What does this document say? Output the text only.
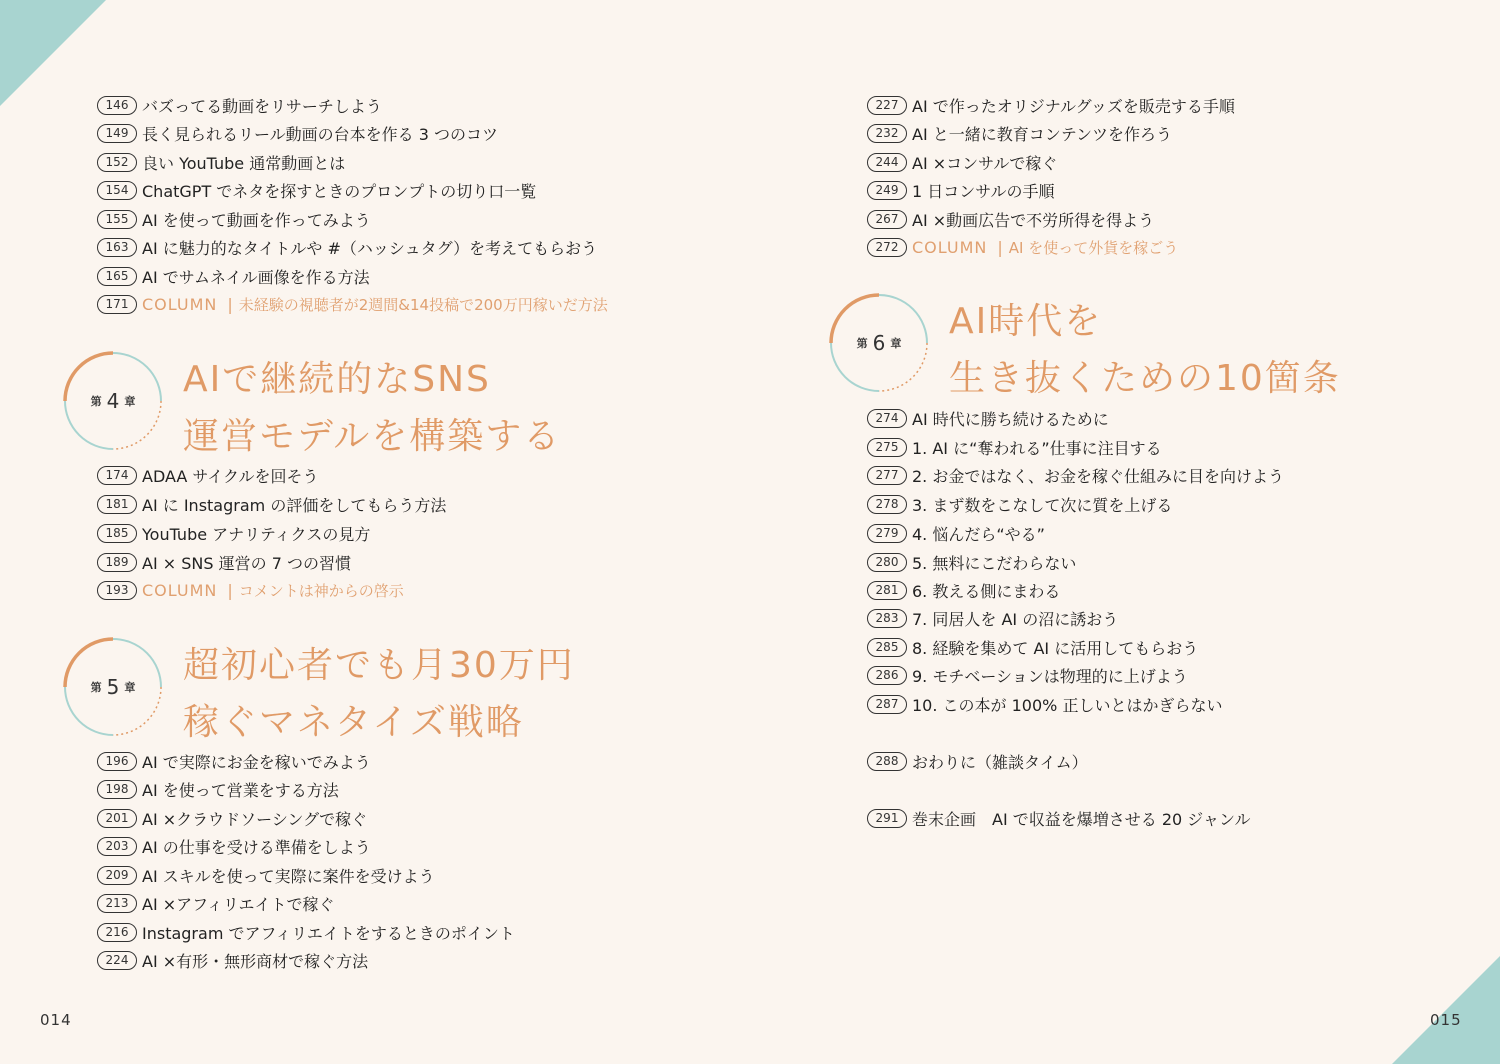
146 バズってる動画をリサーチしよう
149 長く見られるリール動画の台本を作る 3 つのコツ
152 良い YouTube 通常動画とは
154 ChatGPT でネタを探すときのプロンプトの切り口一覧
155 AI を使って動画を作ってみよう
163 AI に魅力的なタイトルや #（ハッシュタグ）を考えてもらおう
165 AI でサムネイル画像を作る方法
171 COLUMN | 未経験の視聴者が2週間&14投稿で200万円稼いだ方法
第 4 章
AIで継続的なSNS
運営モデルを構築する
174 ADAA サイクルを回そう
181 AI に Instagram の評価をしてもらう方法
185 YouTube アナリティクスの見方
189 AI × SNS 運営の 7 つの習慣
193 COLUMN | コメントは神からの啓示
第 5 章
超初心者でも月30万円
稼ぐマネタイズ戦略
196 AI で実際にお金を稼いでみよう
198 AI を使って営業をする方法
201 AI ×クラウドソーシングで稼ぐ
203 AI の仕事を受ける準備をしよう
209 AI スキルを使って実際に案件を受けよう
213 AI ×アフィリエイトで稼ぐ
216 Instagram でアフィリエイトをするときのポイント
224 AI ×有形・無形商材で稼ぐ方法
014
227 AI で作ったオリジナルグッズを販売する手順
232 AI と一緒に教育コンテンツを作ろう
244 AI ×コンサルで稼ぐ
249 1 日コンサルの手順
267 AI ×動画広告で不労所得を得よう
272 COLUMN | AI を使って外貨を稼ごう
第 6 章
AI時代を
生き抜くための10箇条
274 AI 時代に勝ち続けるために
275 1. AI に“奪われる”仕事に注目する
277 2. お金ではなく、お金を稼ぐ仕組みに目を向けよう
278 3. まず数をこなして次に質を上げる
279 4. 悩んだら“やる”
280 5. 無料にこだわらない
281 6. 教える側にまわる
283 7. 同居人を AI の沼に誘おう
285 8. 経験を集めて AI に活用してもらおう
286 9. モチベーションは物理的に上げよう
287 10. この本が 100% 正しいとはかぎらない
288 おわりに（雑談タイム）
291 巻末企画　AI で収益を爆増させる 20 ジャンル
015
